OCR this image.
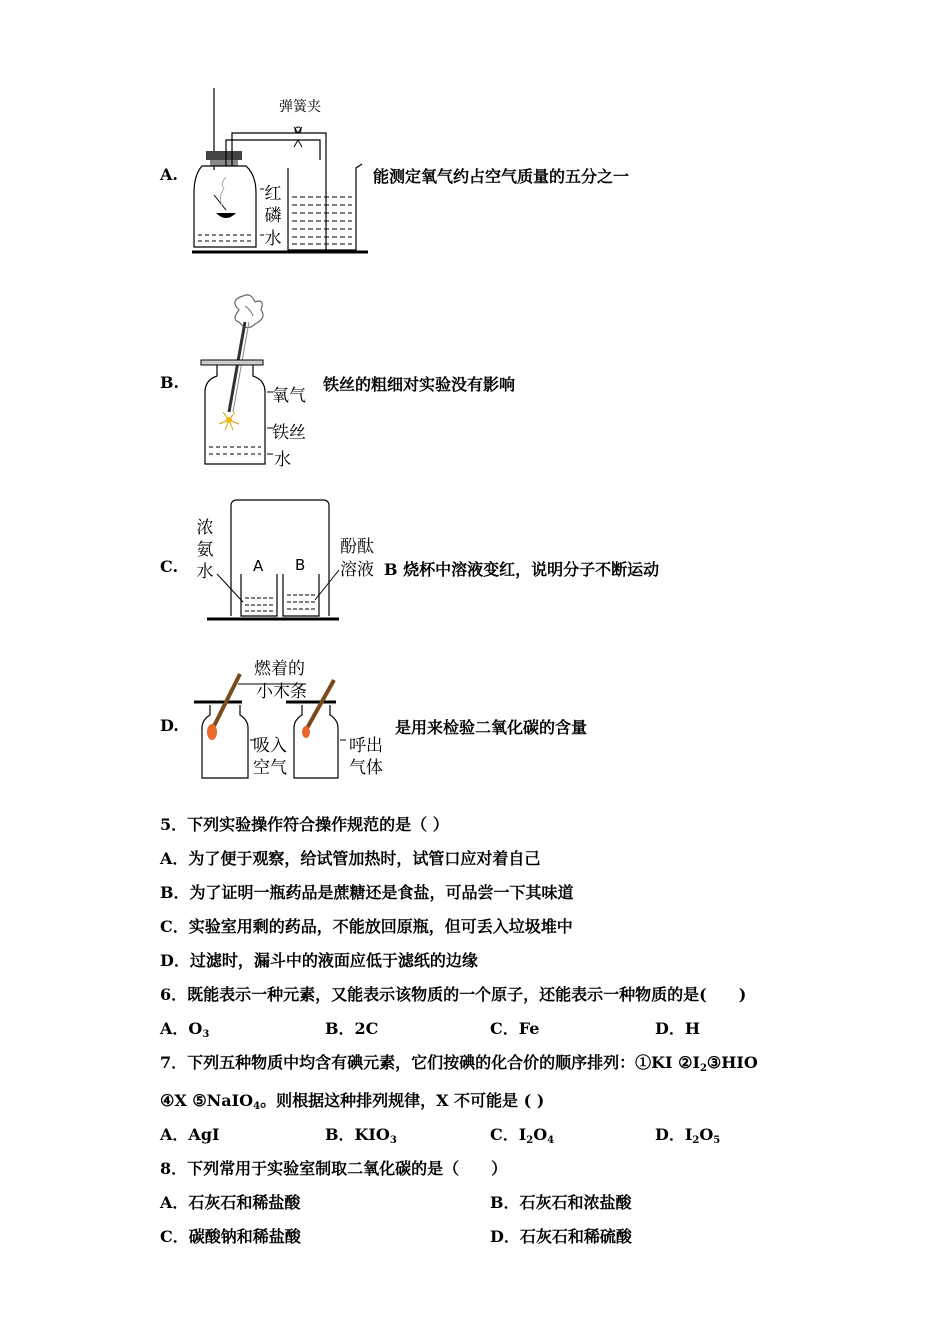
A.
弹簧夹
红
磷
水
能测定氧气约占空气质量的五分之一
B.
氧气
铁丝
水
铁丝的粗细对实验没有影响
C.
浓
氨
水	A B
酚酞
溶液 B 烧杯中溶液变红，说明分子不断运动
D.
燃着的
小木条
吸入
空气
呼出
气体
是用来检验二氧化碳的含量
5．下列实验操作符合操作规范的是（ ）
A．为了便于观察，给试管加热时，试管口应对着自己
B．为了证明一瓶药品是蔗糖还是食盐，可品尝一下其味道
C．实验室用剩的药品，不能放回原瓶，但可丢入垃圾堆中
D．过滤时，漏斗中的液面应低于滤纸的边缘
6．既能表示一种元素，又能表示该物质的一个原子，还能表示一种物质的是(　　)
A．$O_3$	B．2C	C．Fe	D．H
7．下列五种物质中均含有碘元素，它们按碘的化合价的顺序排列：①KI $②I_2③HIO$
④X ⑤NaIO$_4$。则根据这种排列规律，X 不可能是 ( )
A．AgI	B．$KIO_3$	C．$I_2O_4$	D．$I_2O_5$
8．下列常用于实验室制取二氧化碳的是（　　）
A．石灰石和稀盐酸	B．石灰石和浓盐酸
C．碳酸钠和稀盐酸	D．石灰石和稀硫酸
